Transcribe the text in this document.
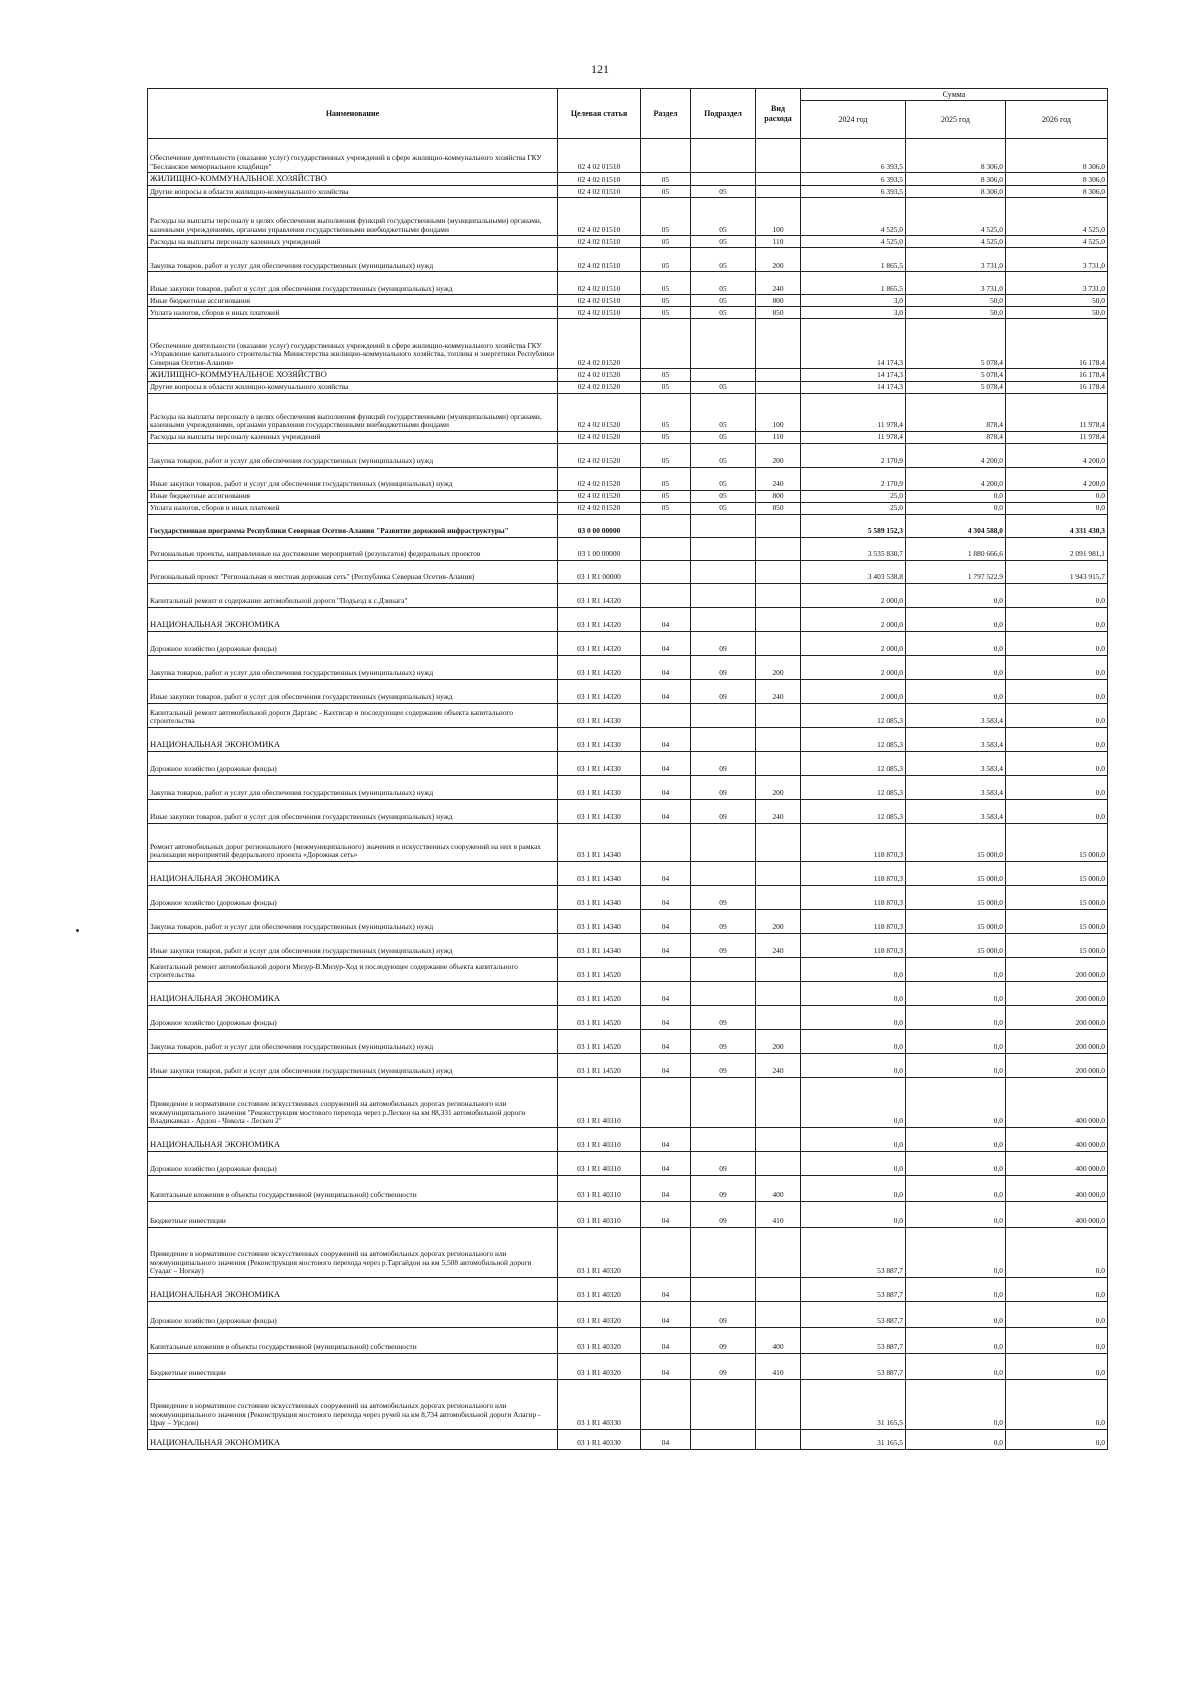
121
Наименование	Целевая статья	Раздел	Подраздел	Вид расхода	Сумма		
					2024 год	2025 год	2026 год
Обеспечение деятельности (оказание услуг) государственных учреждений в сфере жилищно-коммунального хозяйства ГКУ "Бесланское мемориальное кладбище"	02 4 02 01510				6 393,5	8 306,0	8 306,0
ЖИЛИЩНО-КОММУНАЛЬНОЕ ХОЗЯЙСТВО	02 4 02 01510	05			6 393,5	8 306,0	8 306,0
Другие вопросы в области жилищно-коммунального хозяйства	02 4 02 01510	05	05		6 393,5	8 306,0	8 306,0
Расходы на выплаты персоналу в целях обеспечения выполнения функций государственными (муниципальными) органами, казенными учреждениями, органами управления государственными внебюджетными фондами	02 4 02 01510	05	05	100	4 525,0	4 525,0	4 525,0
Расходы на выплаты персоналу казенных учреждений	02 4 02 01510	05	05	110	4 525,0	4 525,0	4 525,0
Закупка товаров, работ и услуг для обеспечения государственных (муниципальных) нужд	02 4 02 01510	05	05	200	1 865,5	3 731,0	3 731,0
Иные закупки товаров, работ и услуг для обеспечения государственных (муниципальных) нужд	02 4 02 01510	05	05	240	1 865,5	3 731,0	3 731,0
Иные бюджетные ассигнования	02 4 02 01510	05	05	800	3,0	50,0	50,0
Уплата налогов, сборов и иных платежей	02 4 02 01510	05	05	850	3,0	50,0	50,0
Обеспечение деятельности (оказание услуг) государственных учреждений в сфере жилищно-коммунального хозяйства ГКУ «Управление капитального строительства Министерства жилищно-коммунального хозяйства, топлива и энергетики Республики Северная Осетия-Алания»	02 4 02 01520				14 174,3	5 078,4	16 178,4
ЖИЛИЩНО-КОММУНАЛЬНОЕ ХОЗЯЙСТВО	02 4 02 01520	05			14 174,3	5 078,4	16 178,4
Другие вопросы в области жилищно-коммунального хозяйства	02 4 02 01520	05	05		14 174,3	5 078,4	16 178,4
Расходы на выплаты персоналу в целях обеспечения выполнения функций государственными (муниципальными) органами, казенными учреждениями, органами управления государственными внебюджетными фондами	02 4 02 01520	05	05	100	11 978,4	878,4	11 978,4
Расходы на выплаты персоналу казенных учреждений	02 4 02 01520	05	05	110	11 978,4	878,4	11 978,4
Закупка товаров, работ и услуг для обеспечения государственных (муниципальных) нужд	02 4 02 01520	05	05	200	2 170,9	4 200,0	4 200,0
Иные закупки товаров, работ и услуг для обеспечения государственных (муниципальных) нужд	02 4 02 01520	05	05	240	2 170,9	4 200,0	4 200,0
Иные бюджетные ассигнования	02 4 02 01520	05	05	800	25,0	0,0	0,0
Уплата налогов, сборов и иных платежей	02 4 02 01520	05	05	850	25,0	0,0	0,0
Государственная программа Республики Северная Осетия-Алания "Развитие дорожной инфраструктуры"	03 0 00 00000				5 589 152,3	4 304 588,0	4 331 430,3
Региональные проекты, направленные на достижение мероприятий (результатов) федеральных проектов	03 1 00 00000				3 535 830,7	1 880 666,6	2 091 981,1
Региональный проект "Региональная и местная дорожная сеть" (Республика Северная Осетия-Алания)	03 1 R1 00000				3 403 538,8	1 797 522,9	1 943 915,7
Капитальный ремонт и содержание автомобильной дороги "Подъезд к с.Дзинага"	03 1 R1 14320				2 000,0	0,0	0,0
НАЦИОНАЛЬНАЯ ЭКОНОМИКА	03 1 R1 14320	04			2 000,0	0,0	0,0
Дорожное хозяйство (дорожные фонды)	03 1 R1 14320	04	09		2 000,0	0,0	0,0
Закупка товаров, работ и услуг для обеспечения государственных (муниципальных) нужд	03 1 R1 14320	04	09	200	2 000,0	0,0	0,0
Иные закупки товаров, работ и услуг для обеспечения государственных (муниципальных) нужд	03 1 R1 14320	04	09	240	2 000,0	0,0	0,0
Капитальный ремонт автомобильной дороги Даргавс - Кахтисар и последующее содержание объекта капитального строительства	03 1 R1 14330				12 085,3	3 583,4	0,0
НАЦИОНАЛЬНАЯ ЭКОНОМИКА	03 1 R1 14330	04			12 085,3	3 583,4	0,0
Дорожное хозяйство (дорожные фонды)	03 1 R1 14330	04	09		12 085,3	3 583,4	0,0
Закупка товаров, работ и услуг для обеспечения государственных (муниципальных) нужд	03 1 R1 14330	04	09	200	12 085,3	3 583,4	0,0
Иные закупки товаров, работ и услуг для обеспечения государственных (муниципальных) нужд	03 1 R1 14330	04	09	240	12 085,3	3 583,4	0,0
Ремонт автомобильных дорог регионального (межмуниципального) значения и искусственных сооружений на них в рамках реализации мероприятий федерального проекта «Дорожная сеть»	03 1 R1 14340				118 870,3	15 000,0	15 000,0
НАЦИОНАЛЬНАЯ ЭКОНОМИКА	03 1 R1 14340	04			118 870,3	15 000,0	15 000,0
Дорожное хозяйство (дорожные фонды)	03 1 R1 14340	04	09		118 870,3	15 000,0	15 000,0
Закупка товаров, работ и услуг для обеспечения государственных (муниципальных) нужд	03 1 R1 14340	04	09	200	118 870,3	15 000,0	15 000,0
Иные закупки товаров, работ и услуг для обеспечения государственных (муниципальных) нужд	03 1 R1 14340	04	09	240	118 870,3	15 000,0	15 000,0
Капитальный ремонт автомобильной дороги Мизур-В.Мизур-Ход и последующее содержание объекта капитального строительства	03 1 R1 14520				0,0	0,0	200 000,0
НАЦИОНАЛЬНАЯ ЭКОНОМИКА	03 1 R1 14520	04			0,0	0,0	200 000,0
Дорожное хозяйство (дорожные фонды)	03 1 R1 14520	04	09		0,0	0,0	200 000,0
Закупка товаров, работ и услуг для обеспечения государственных (муниципальных) нужд	03 1 R1 14520	04	09	200	0,0	0,0	200 000,0
Иные закупки товаров, работ и услуг для обеспечения государственных (муниципальных) нужд	03 1 R1 14520	04	09	240	0,0	0,0	200 000,0
Приведение в нормативное состояние искусственных сооружений на автомобильных дорогах регионального или межмуниципального значения "Реконструкция мостового перехода через р.Лескен на км 88,331 автомобильной дороги Владикавказ - Ардон - Чикола - Лескен 2"	03 1 R1 40310				0,0	0,0	400 000,0
НАЦИОНАЛЬНАЯ ЭКОНОМИКА	03 1 R1 40310	04			0,0	0,0	400 000,0
Дорожное хозяйство (дорожные фонды)	03 1 R1 40310	04	09		0,0	0,0	400 000,0
Капитальные вложения в объекты государственной (муниципальной) собственности	03 1 R1 40310	04	09	400	0,0	0,0	400 000,0
Бюджетные инвестиции	03 1 R1 40310	04	09	410	0,0	0,0	400 000,0
Приведение в нормативное состояние искусственных сооружений на автомобильных дорогах регионального или межмуниципального значения (Реконструкция мостового перехода через р.Таргайдон на км 5,508 автомобильной дороги Суадаг – Ногкау)	03 1 R1 40320				53 887,7	0,0	0,0
НАЦИОНАЛЬНАЯ ЭКОНОМИКА	03 1 R1 40320	04			53 887,7	0,0	0,0
Дорожное хозяйство (дорожные фонды)	03 1 R1 40320	04	09		53 887,7	0,0	0,0
Капитальные вложения в объекты государственной (муниципальной) собственности	03 1 R1 40320	04	09	400	53 887,7	0,0	0,0
Бюджетные инвестиции	03 1 R1 40320	04	09	410	53 887,7	0,0	0,0
Приведение в нормативное состояние искусственных сооружений на автомобильных дорогах регионального или межмуниципального значения (Реконструкция мостового перехода через ручей на км 8,734 автомобильной дороги Алагир - Црау – Урсдон)	03 1 R1 40330				31 165,5	0,0	0,0
НАЦИОНАЛЬНАЯ ЭКОНОМИКА	03 1 R1 40330	04			31 165,5	0,0	0,0
